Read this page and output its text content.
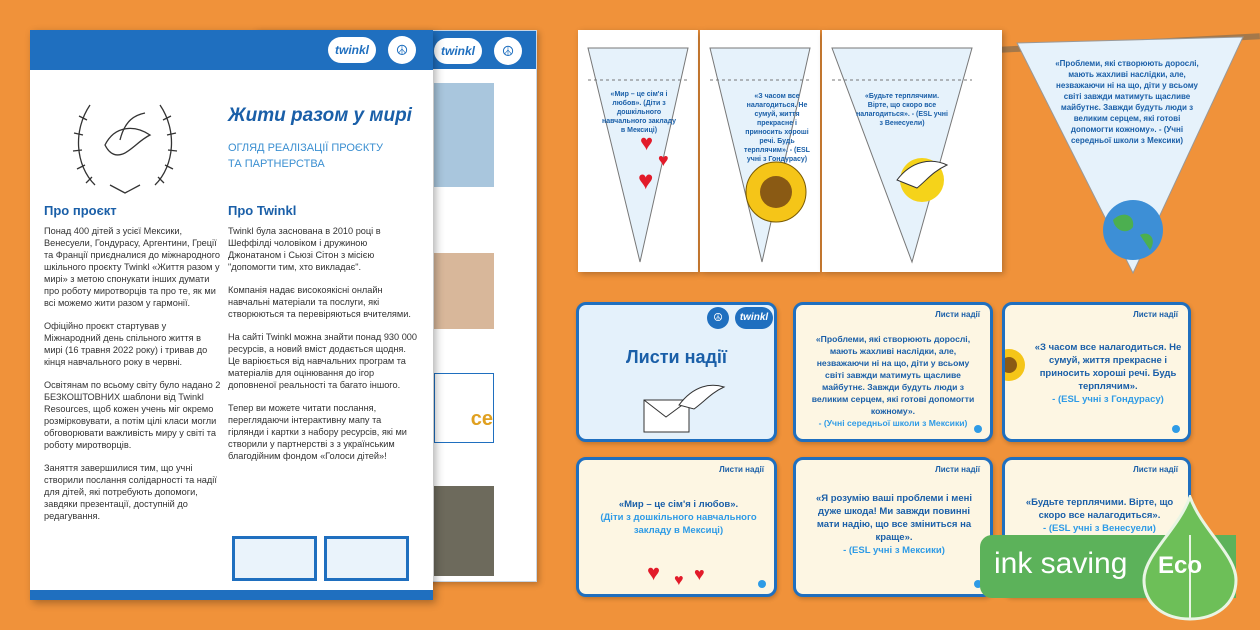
twinkl	☮
ce
twinkl	☮
Жити разом у мирі
ОГЛЯД РЕАЛІЗАЦІЇ ПРОЄКТУ ТА ПАРТНЕРСТВА
Про проєкт

Понад 400 дітей з усієї Мексики, Венесуели, Гондурасу, Аргентини, Греції та Франції приєдналися до міжнародного шкільного проєкту Twinkl «Життя разом у мирі» з метою спонукати інших думати про роботу миротворців та про те, як ми всі можемо жити разом у гармонії.

Офіційно проєкт стартував у Міжнародний день спільного життя в мирі (16 травня 2022 року) і тривав до кінця навчального року в червні.

Освітянам по всьому світу було надано 2 БЕЗКОШТОВНИХ шаблони від Twinkl Resources, щоб кожен учень міг окремо розмірковувати, а потім цілі класи могли обговорювати важливість миру у світі та роботу миротворців.

Заняття завершилися тим, що учні створили послання солідарності та надії для дітей, які потребують допомоги, завдяки презентації, доступній до редагування.

Про Twinkl

Twinkl була заснована в 2010 році в Шеффілді чоловіком і дружиною Джонатаном і Сьюзі Сітон з місією "допомогти тим, хто викладає".

Компанія надає високоякісні онлайн навчальні матеріали та послуги, які створюються та перевіряються вчителями.

На сайті Twinkl можна знайти понад 930 000 ресурсів, а новий вміст додається щодня. Це варіюється від навчальних програм та матеріалів для оцінювання до ігор доповненої реальності та багато іншого.

Тепер ви можете читати послання, переглядаючи інтерактивну мапу та гірлянди і картки з набору ресурсів, які ми створили у партнерстві з з українським благодійним фондом «Голоси дітей»!

«Мир – це сім'я і любов». (Діти з дошкільного навчального закладу в Мексиці)
♥
♥
♥
«З часом все налагодиться. Не сумуй, життя прекрасне і приносить хороші речі. Будь терплячим». - (ESL учні з Гондурасу)
«Будьте терплячими. Вірте, що скоро все налагодиться». - (ESL учні з Венесуели)
«Проблеми, які створюють дорослі, мають жахливі наслідки, але, незважаючи ні на що, діти у всьому світі завжди матимуть щасливе майбутнє. Завжди будуть люди з великим серцем, які готові допомогти кожному». - (Учні середньої школи з Мексики)
☮	twinkl
Листи надії
Листи надії
«Проблеми, які створюють дорослі, мають жахливі наслідки, але, незважаючи ні на що, діти у всьому світі завжди матимуть щасливе майбутнє. Завжди будуть люди з великим серцем, які готові допомогти кожному».
- (Учні середньої школи з Мексики)
Листи надії
«З часом все налагодиться. Не сумуй, життя прекрасне і приносить хороші речі. Будь терплячим».
- (ESL учні з Гондурасу)
Листи надії
«Мир – це сім'я і любов».
(Діти з дошкільного навчального закладу в Мексиці)
♥ ♥ ♥
Листи надії
«Я розумію ваші проблеми і мені дуже шкода! Ми завжди повинні мати надію, що все зміниться на краще».
- (ESL учні з Мексики)
Листи надії
«Будьте терплячими. Вірте, що скоро все налагодиться».
- (ESL учні з Венесуели)
ink saving Eco
